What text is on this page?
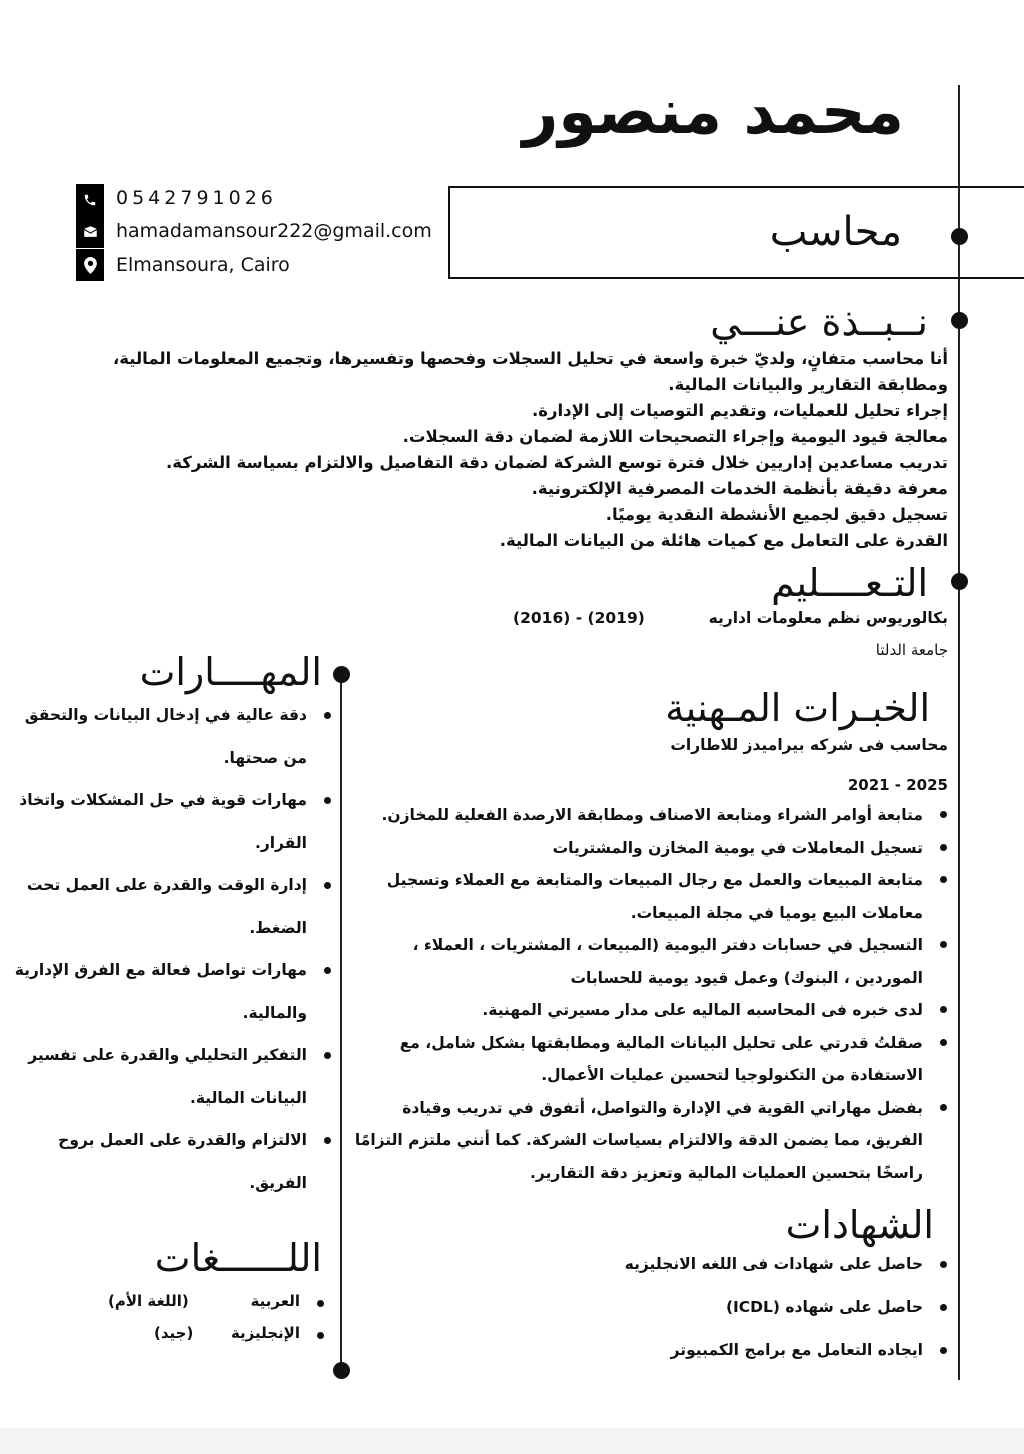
محمد منصور
محاسب
0542791026
hamadamansour222@gmail.com
Elmansoura, Cairo
نــبــذة عنـــي
أنا محاسب متفانٍ، ولديّ خبرة واسعة في تحليل السجلات وفحصها وتفسيرها، وتجميع المعلومات المالية، ومطابقة التقارير والبيانات المالية.
إجراء تحليل للعمليات، وتقديم التوصيات إلى الإدارة.
معالجة قيود اليومية وإجراء التصحيحات اللازمة لضمان دقة السجلات.
تدريب مساعدين إداريين خلال فترة توسع الشركة لضمان دقة التفاصيل والالتزام بسياسة الشركة.
معرفة دقيقة بأنظمة الخدمات المصرفية الإلكترونية.
تسجيل دقيق لجميع الأنشطة النقدية يوميًا.
القدرة على التعامل مع كميات هائلة من البيانات المالية.
التـعــــليم
بكالوريوس نظم معلومات اداريه
(2016) - (2019)
جامعة الدلتا
الخبـرات المـهنية
محاسب فى شركه بيراميدز للاطارات
2021 - 2025
متابعة أوامر الشراء ومتابعة الاصناف ومطابقة الارصدة الفعلية للمخازن.
تسجيل المعاملات في يومية المخازن والمشتريات
متابعة المبيعات والعمل مع رجال المبيعات والمتابعة مع العملاء وتسجيل معاملات البيع يوميا في مجلة المبيعات.
التسجيل في حسابات دفتر اليومية (المبيعات ، المشتريات ، العملاء ، الموردين ، البنوك) وعمل قيود يومية للحسابات
لدى خبره فى المحاسبه الماليه على مدار مسيرتي المهنية.
صقلتُ قدرتي على تحليل البيانات المالية ومطابقتها بشكل شامل، مع الاستفادة من التكنولوجيا لتحسين عمليات الأعمال.
بفضل مهاراتي القوية في الإدارة والتواصل، أتفوق في تدريب وقيادة الفريق، مما يضمن الدقة والالتزام بسياسات الشركة. كما أنني ملتزم التزامًا راسخًا بتحسين العمليات المالية وتعزيز دقة التقارير.
الشهادات
حاصل على شهادات فى اللغه الانجليزيه
حاصل على شهاده (ICDL)
ايجاده التعامل مع برامج الكمبيوتر
المهــــارات
دقة عالية في إدخال البيانات والتحقق من صحتها.
مهارات قوية في حل المشكلات واتخاذ القرار.
إدارة الوقت والقدرة على العمل تحت الضغط.
مهارات تواصل فعالة مع الفرق الإدارية والمالية.
التفكير التحليلي والقدرة على تفسير البيانات المالية.
الالتزام والقدرة على العمل بروح الفريق.
اللــــــغات
العربية
(اللغة الأم)
الإنجليزية
(جيد)
